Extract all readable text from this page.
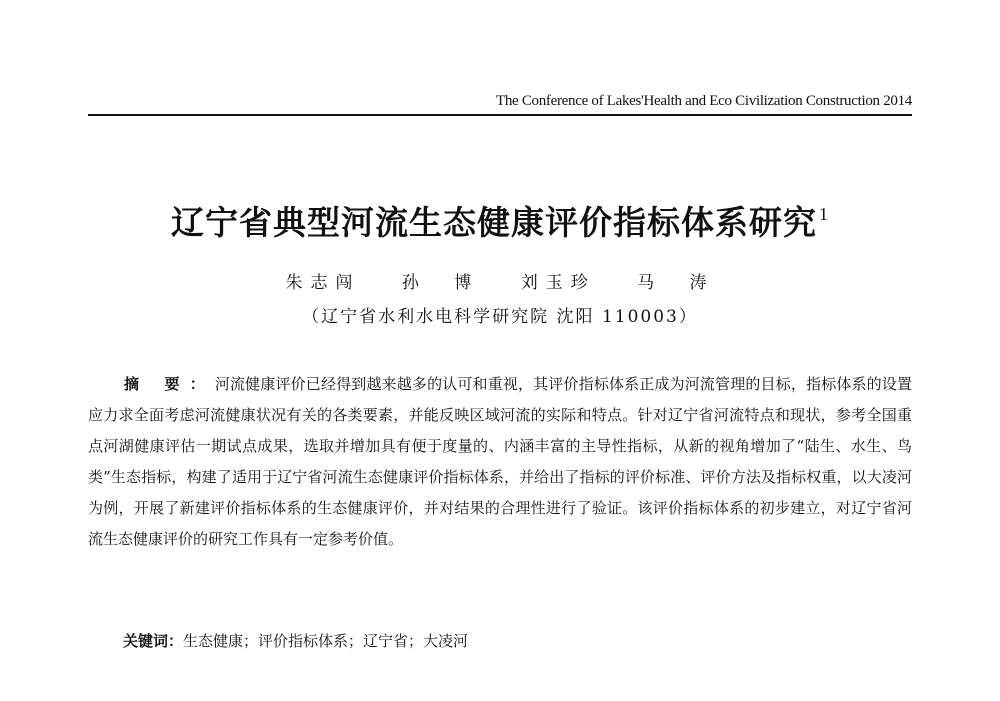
The Conference of Lakes'Health and Eco Civilization Construction 2014
辽宁省典型河流生态健康评价指标体系研究 $^1$
朱志闯 孙 博 刘玉珍 马 涛
（辽宁省水利水电科学研究院 沈阳 110003）
摘 要：河流健康评价已经得到越来越多的认可和重视，其评价指标体系正成为河流管理的目标，指标体系的设置应力求全面考虑河流健康状况有关的各类要素，并能反映区域河流的实际和特点。针对辽宁省河流特点和现状，参考全国重点河湖健康评估一期试点成果，选取并增加具有便于度量的、内涵丰富的主导性指标，从新的视角增加了“陆生、水生、鸟类”生态指标，构建了适用于辽宁省河流生态健康评价指标体系，并给出了指标的评价标准、评价方法及指标权重，以大凌河为例，开展了新建评价指标体系的生态健康评价，并对结果的合理性进行了验证。该评价指标体系的初步建立，对辽宁省河流生态健康评价的研究工作具有一定参考价值。
关键词：生态健康；评价指标体系；辽宁省；大凌河
